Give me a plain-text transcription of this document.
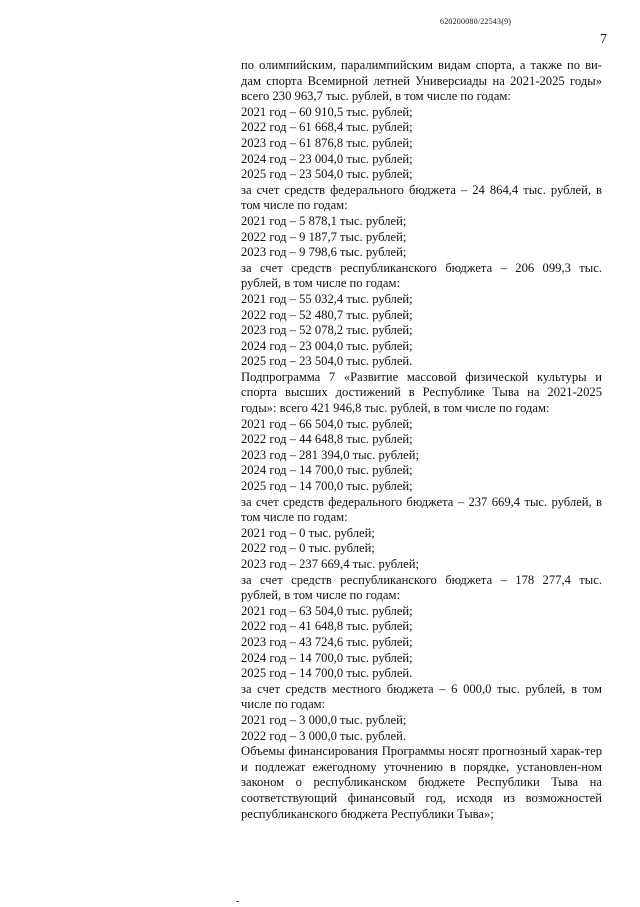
620200080/22543(9)
7

по олимпийским, паралимпийским видам спорта, а также по ви-дам спорта Всемирной летней Универсиады на 2021-2025 годы» всего 230 963,7 тыс. рублей, в том числе по годам:

2021 год – 60 910,5 тыс. рублей;

2022 год – 61 668,4 тыс. рублей;

2023 год – 61 876,8 тыс. рублей;

2024 год – 23 004,0 тыс. рублей;

2025 год – 23 504,0 тыс. рублей;

за счет средств федерального бюджета – 24 864,4 тыс. рублей, в том числе по годам:

2021 год – 5 878,1 тыс. рублей;

2022 год – 9 187,7 тыс. рублей;

2023 год – 9 798,6 тыс. рублей;

за счет средств республиканского бюджета – 206 099,3 тыс. рублей, в том числе по годам:

2021 год – 55 032,4 тыс. рублей;

2022 год – 52 480,7 тыс. рублей;

2023 год – 52 078,2 тыс. рублей;

2024 год – 23 004,0 тыс. рублей;

2025 год – 23 504,0 тыс. рублей.

Подпрограмма 7 «Развитие массовой физической культуры и спорта высших достижений в Республике Тыва на 2021-2025 годы»: всего 421 946,8 тыс. рублей, в том числе по годам:

2021 год – 66 504,0 тыс. рублей;

2022 год – 44 648,8 тыс. рублей;

2023 год – 281 394,0 тыс. рублей;

2024 год – 14 700,0 тыс. рублей;

2025 год – 14 700,0 тыс. рублей;

за счет средств федерального бюджета – 237 669,4 тыс. рублей, в том числе по годам:

2021 год – 0 тыс. рублей;

2022 год – 0 тыс. рублей;

2023 год – 237 669,4 тыс. рублей;

за счет средств республиканского бюджета – 178 277,4 тыс. рублей, в том числе по годам:

2021 год – 63 504,0 тыс. рублей;

2022 год – 41 648,8 тыс. рублей;

2023 год – 43 724,6 тыс. рублей;

2024 год – 14 700,0 тыс. рублей;

2025 год – 14 700,0 тыс. рублей.

за счет средств местного бюджета – 6 000,0 тыс. рублей, в том числе по годам:

2021 год – 3 000,0 тыс. рублей;

2022 год – 3 000,0 тыс. рублей.

Объемы финансирования Программы носят прогнозный харак-тер и подлежат ежегодному уточнению в порядке, установлен-ном законом о республиканском бюджете Республики Тыва на соответствующий финансовый год, исходя из возможностей республиканского бюджета Республики Тыва»;

-
